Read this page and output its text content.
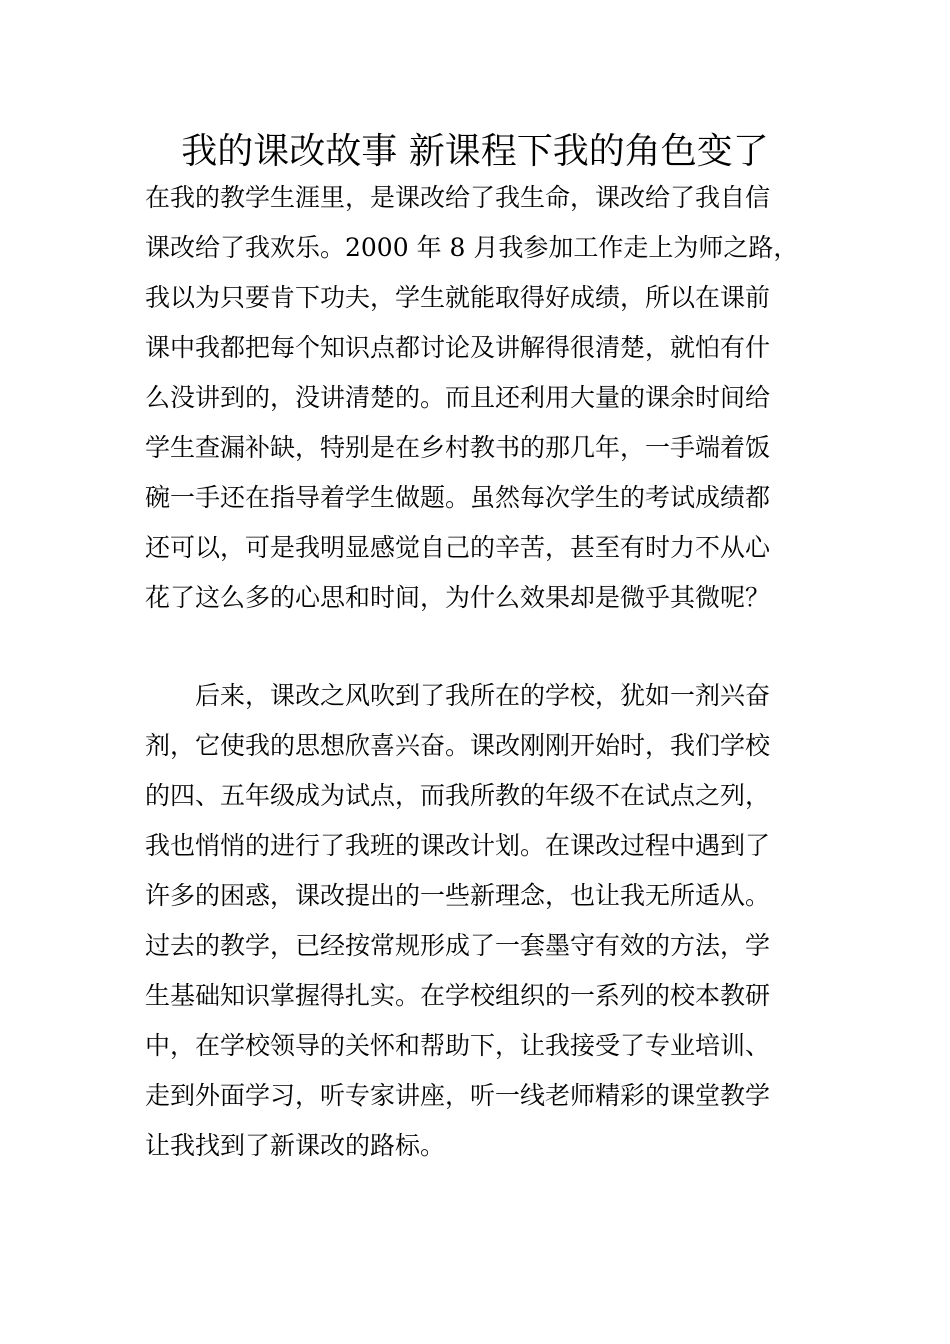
我的课改故事 新课程下我的角色变了
在我的教学生涯里，是课改给了我生命，课改给了我自信
课改给了我欢乐。2000 年 8 月我参加工作走上为师之路，
我以为只要肯下功夫，学生就能取得好成绩，所以在课前
课中我都把每个知识点都讨论及讲解得很清楚，就怕有什
么没讲到的，没讲清楚的。而且还利用大量的课余时间给
学生查漏补缺，特别是在乡村教书的那几年，一手端着饭
碗一手还在指导着学生做题。虽然每次学生的考试成绩都
还可以，可是我明显感觉自己的辛苦，甚至有时力不从心
花了这么多的心思和时间，为什么效果却是微乎其微呢？
　　后来，课改之风吹到了我所在的学校，犹如一剂兴奋
剂，它使我的思想欣喜兴奋。课改刚刚开始时，我们学校
的四、五年级成为试点，而我所教的年级不在试点之列，
我也悄悄的进行了我班的课改计划。在课改过程中遇到了
许多的困惑，课改提出的一些新理念，也让我无所适从。
过去的教学，已经按常规形成了一套墨守有效的方法，学
生基础知识掌握得扎实。在学校组织的一系列的校本教研
中，在学校领导的关怀和帮助下，让我接受了专业培训、
走到外面学习，听专家讲座，听一线老师精彩的课堂教学
让我找到了新课改的路标。
